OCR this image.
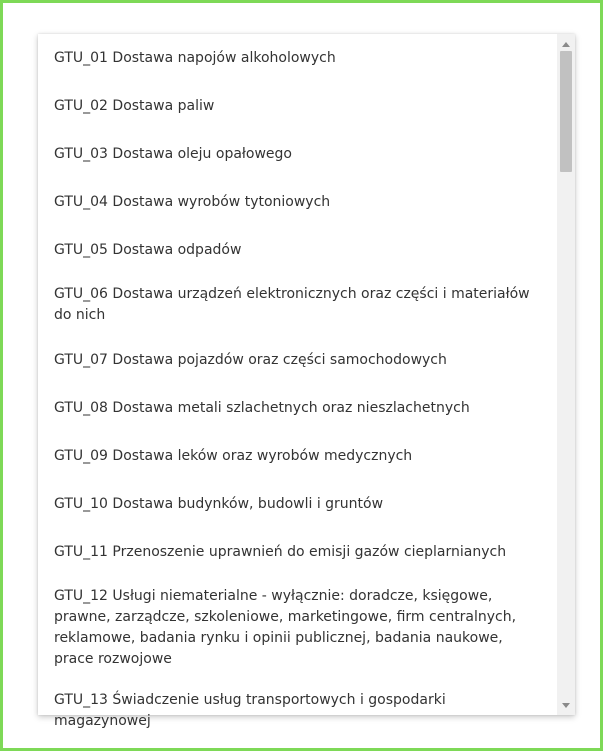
GTU_01 Dostawa napojów alkoholowych
GTU_02 Dostawa paliw
GTU_03 Dostawa oleju opałowego
GTU_04 Dostawa wyrobów tytoniowych
GTU_05 Dostawa odpadów
GTU_06 Dostawa urządzeń elektronicznych oraz części i materiałów do nich
GTU_07 Dostawa pojazdów oraz części samochodowych
GTU_08 Dostawa metali szlachetnych oraz nieszlachetnych
GTU_09 Dostawa leków oraz wyrobów medycznych
GTU_10 Dostawa budynków, budowli i gruntów
GTU_11 Przenoszenie uprawnień do emisji gazów cieplarnianych
GTU_12 Usługi niematerialne - wyłącznie: doradcze, księgowe, prawne, zarządcze, szkoleniowe, marketingowe, firm centralnych, reklamowe, badania rynku i opinii publicznej, badania naukowe, prace rozwojowe
GTU_13 Świadczenie usług transportowych i gospodarki magazynowej
